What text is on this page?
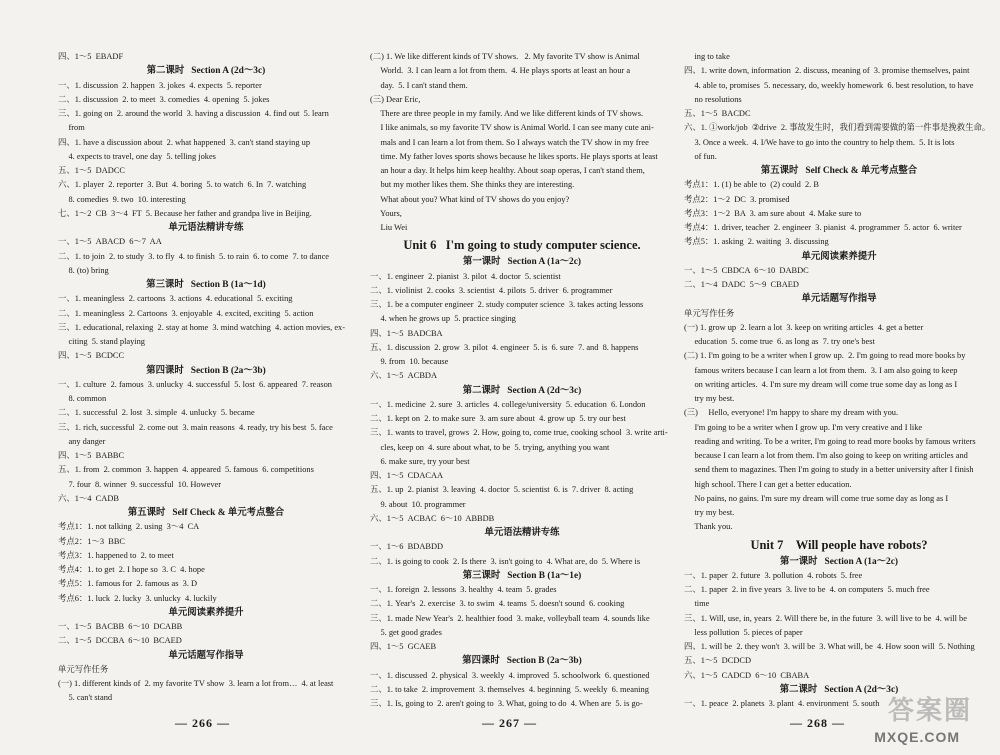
四、1～5  EBADF
第二课时   Section A (2d～3c)
一、1. discussion  2. happen  3. jokes  4. expects  5. reporter
二、1. discussion  2. to meet  3. comedies  4. opening  5. jokes
三、1. going on  2. around the world  3. having a discussion  4. find out  5. learn
from
四、1. have a discussion about  2. what happened  3. can't stand staying up
4. expects to travel, one day  5. telling jokes
五、1～5  DADCC
六、1. player  2. reporter  3. But  4. boring  5. to watch  6. In  7. watching
8. comedies  9. two  10. interesting
七、1～2  CB  3～4  FT  5. Because her father and grandpa live in Beijing.
单元语法精讲专练
一、1～5  ABACD  6～7  AA
二、1. to join  2. to study  3. to fly  4. to finish  5. to rain  6. to come  7. to dance
8. (to) bring
第三课时   Section B (1a～1d)
一、1. meaningless  2. cartoons  3. actions  4. educational  5. exciting
二、1. meaningless  2. Cartoons  3. enjoyable  4. excited, exciting  5. action
三、1. educational, relaxing  2. stay at home  3. mind watching  4. action movies, ex-
citing  5. stand playing
四、1～5  BCDCC
第四课时   Section B (2a～3b)
一、1. culture  2. famous  3. unlucky  4. successful  5. lost  6. appeared  7. reason
8. common
二、1. successful  2. lost  3. simple  4. unlucky  5. became
三、1. rich, successful  2. come out  3. main reasons  4. ready, try his best  5. face
any danger
四、1～5  BABBC
五、1. from  2. common  3. happen  4. appeared  5. famous  6. competitions
7. four  8. winner  9. successful  10. However
六、1～4  CADB
第五课时   Self Check & 单元考点整合
考点1：1. not talking  2. using  3～4  CA
考点2：1～3  BBC
考点3：1. happened to  2. to meet
考点4：1. to get  2. I hope so  3. C  4. hope
考点5：1. famous for  2. famous as  3. D
考点6：1. luck  2. lucky  3. unlucky  4. luckily
单元阅读素养提升
一、1～5  BACBB  6～10  DCABB
二、1～5  DCCBA  6～10  BCAED
单元话题写作指导
单元写作任务
(一) 1. different kinds of  2. my favorite TV show  3. learn a lot from…  4. at least
5. can't stand
(二) 1. We like different kinds of TV shows.   2. My favorite TV show is Animal
World.  3. I can learn a lot from them.  4. He plays sports at least an hour a
day.  5. I can't stand them.
(三) Dear Eric,
There are three people in my family. And we like different kinds of TV shows.
I like animals, so my favorite TV show is Animal World. I can see many cute ani-
mals and I can learn a lot from them. So I always watch the TV show in my free
time. My father loves sports shows because he likes sports. He plays sports at least
an hour a day. It helps him keep healthy. About soap operas, I can't stand them,
but my mother likes them. She thinks they are interesting.
What about you? What kind of TV shows do you enjoy?
Yours,
Liu Wei
Unit 6   I'm going to study computer science.
第一课时   Section A (1a～2c)
一、1. engineer  2. pianist  3. pilot  4. doctor  5. scientist
二、1. violinist  2. cooks  3. scientist  4. pilots  5. driver  6. programmer
三、1. be a computer engineer  2. study computer science  3. takes acting lessons
4. when he grows up  5. practice singing
四、1～5  BADCBA
五、1. discussion  2. grow  3. pilot  4. engineer  5. is  6. sure  7. and  8. happens
9. from  10. because
六、1～5  ACBDA
第二课时   Section A (2d～3c)
一、1. medicine  2. sure  3. articles  4. college/university  5. education  6. London
二、1. kept on  2. to make sure  3. am sure about  4. grow up  5. try our best
三、1. wants to travel, grows  2. How, going to, come true, cooking school  3. write arti-
cles, keep on  4. sure about what, to be  5. trying, anything you want
6. make sure, try your best
四、1～5  CDACAA
五、1. up  2. pianist  3. leaving  4. doctor  5. scientist  6. is  7. driver  8. acting
9. about  10. programmer
六、1～5  ACBAC  6～10  ABBDB
单元语法精讲专练
一、1～6  BDABDD
二、1. is going to cook  2. Is there  3. isn't going to  4. What are, do  5. Where is
第三课时   Section B (1a～1e)
一、1. foreign  2. lessons  3. healthy  4. team  5. grades
二、1. Year's  2. exercise  3. to swim  4. teams  5. doesn't sound  6. cooking
三、1. made New Year's  2. healthier food  3. make, volleyball team  4. sounds like
5. get good grades
四、1～5  GCAEB
第四课时   Section B (2a～3b)
一、1. discussed  2. physical  3. weekly  4. improved  5. schoolwork  6. questioned
二、1. to take  2. improvement  3. themselves  4. beginning  5. weekly  6. meaning
三、1. Is, going to  2. aren't going to  3. What, going to do  4. When are  5. is go-
ing to take
四、1. write down, information  2. discuss, meaning of  3. promise themselves, paint
4. able to, promises  5. necessary, do, weekly homework  6. best resolution, to have
no resolutions
五、1～5  BACDC
六、1. ①work/job  ②drive  2. 事故发生时，我们看到需要做的第一件事是挽救生命。
3. Once a week.  4. I/We have to go into the country to help them.  5. It is lots
of fun.
第五课时   Self Check & 单元考点整合
考点1：1. (1) be able to  (2) could  2. B
考点2：1～2  DC  3. promised
考点3：1～2  BA  3. am sure about  4. Make sure to
考点4：1. driver, teacher  2. engineer  3. pianist  4. programmer  5. actor  6. writer
考点5：1. asking  2. waiting  3. discussing
单元阅读素养提升
一、1～5  CBDCA  6～10  DABDC
二、1～4  DADC  5～9  CBAED
单元话题写作指导
单元写作任务
(一) 1. grow up  2. learn a lot  3. keep on writing articles  4. get a better
education  5. come true  6. as long as  7. try one's best
(二) 1. I'm going to be a writer when I grow up.  2. I'm going to read more books by
famous writers because I can learn a lot from them.  3. I am also going to keep
on writing articles.  4. I'm sure my dream will come true some day as long as I
try my best.
(三)     Hello, everyone! I'm happy to share my dream with you.
I'm going to be a writer when I grow up. I'm very creative and I like
reading and writing. To be a writer, I'm going to read more books by famous writers
because I can learn a lot from them. I'm also going to keep on writing articles and
send them to magazines. Then I'm going to study in a better university after I finish
high school. There I can get a better education.
No pains, no gains. I'm sure my dream will come true some day as long as I
try my best.
Thank you.
Unit 7    Will people have robots?
第一课时   Section A (1a～2c)
一、1. paper  2. future  3. pollution  4. robots  5. free
二、1. paper  2. in five years  3. live to be  4. on computers  5. much free
time
三、1. Will, use, in, years  2. Will there be, in the future  3. will live to be  4. will be
less pollution  5. pieces of paper
四、1. will be  2. they won't  3. will be  3. What will, be  4. How soon will  5. Nothing
五、1～5  DCDCD
六、1～5  CADCD  6～10  CBABA
第二课时   Section A (2d～3c)
一、1. peace  2. planets  3. plant  4. environment  5. south
— 266 —	— 267 —	— 268 — 答案圈
MXQE.COM
